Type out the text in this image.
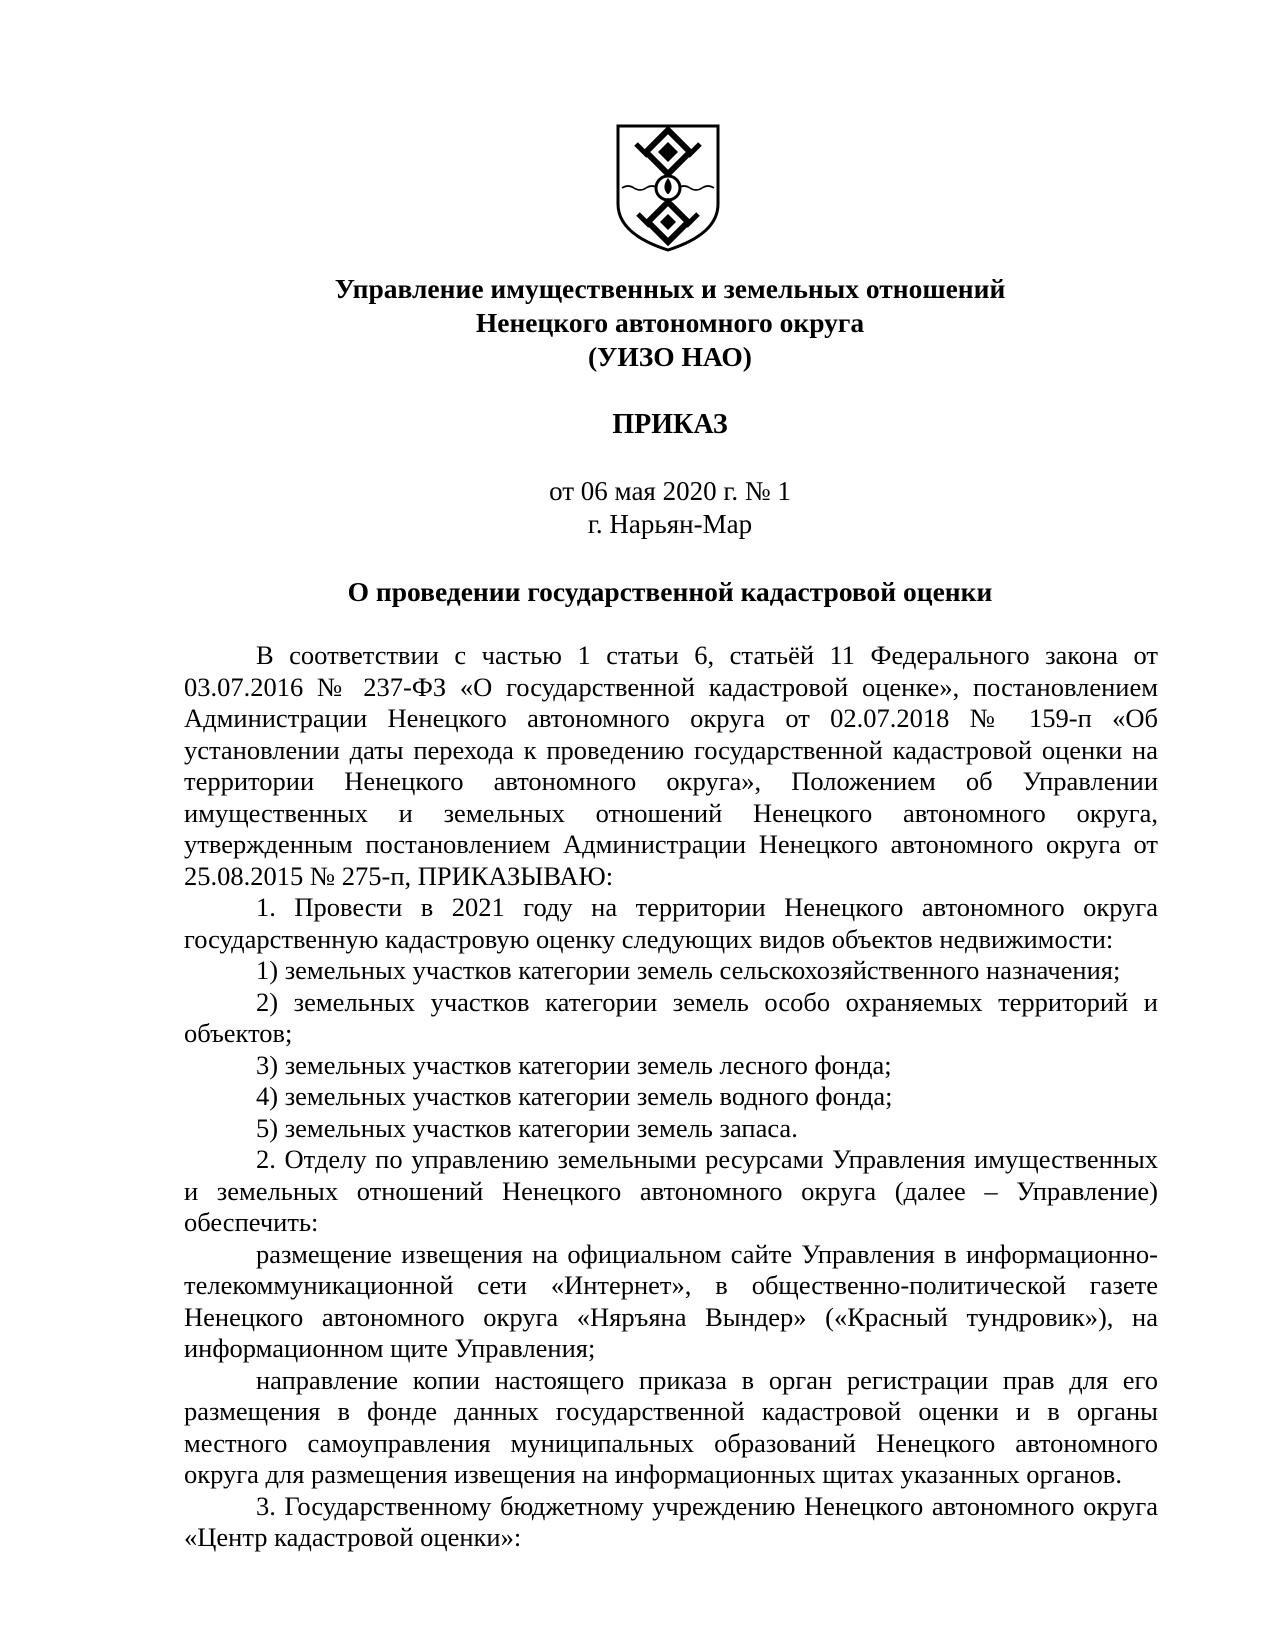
Управление имущественных и земельных отношений
Ненецкого автономного округа
(УИЗО НАО)
ПРИКАЗ
от 06 мая 2020 г. № 1
г. Нарьян-Мар
О проведении государственной кадастровой оценки

В соответствии с частью 1 статьи 6, статьёй 11 Федерального закона от 03.07.2016 № 237-ФЗ «О государственной кадастровой оценке», постановлением Администрации Ненецкого автономного округа от 02.07.2018 № 159-п «Об установлении даты перехода к проведению государственной кадастровой оценки на территории Ненецкого автономного округа», Положением об Управлении имущественных и земельных отношений Ненецкого автономного округа, утвержденным постановлением Администрации Ненецкого автономного округа от 25.08.2015 № 275-п, ПРИКАЗЫВАЮ:

1. Провести в 2021 году на территории Ненецкого автономного округа государственную кадастровую оценку следующих видов объектов недвижимости:

1) земельных участков категории земель сельскохозяйственного назначения;

2) земельных участков категории земель особо охраняемых территорий и объектов;

3) земельных участков категории земель лесного фонда;

4) земельных участков категории земель водного фонда;

5) земельных участков категории земель запаса.

2. Отделу по управлению земельными ресурсами Управления имущественных и земельных отношений Ненецкого автономного округа (далее – Управление) обеспечить:

размещение извещения на официальном сайте Управления в информационно-телекоммуникационной сети «Интернет», в общественно-политической газете Ненецкого автономного округа «Няръяна Вындер» («Красный тундровик»), на информационном щите Управления;

направление копии настоящего приказа в орган регистрации прав для его размещения в фонде данных государственной кадастровой оценки и в органы местного самоуправления муниципальных образований Ненецкого автономного округа для размещения извещения на информационных щитах указанных органов.

3. Государственному бюджетному учреждению Ненецкого автономного округа «Центр кадастровой оценки»:
